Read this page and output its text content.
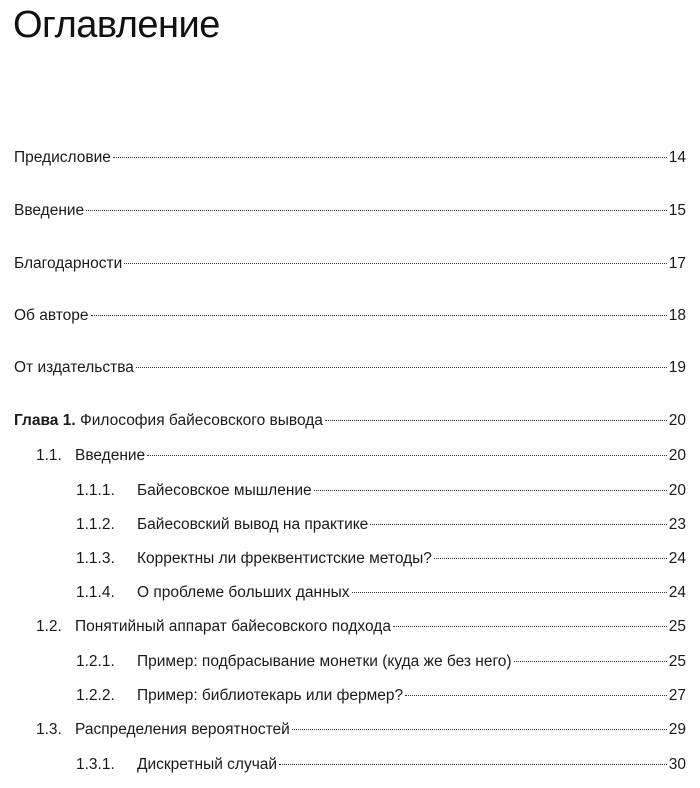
Оглавление
Предисловие	14
Введение	15
Благодарности	17
Об авторе	18
От издательства	19
Глава 1. Философия байесовского вывода	20
1.1. Введение	20
1.1.1.	Байесовское мышление	20
1.1.2.	Байесовский вывод на практике	23
1.1.3.	Корректны ли фреквентистские методы?	24
1.1.4.	О проблеме больших данных	24
1.2. Понятийный аппарат байесовского подхода	25
1.2.1.	Пример: подбрасывание монетки (куда же без него)	25
1.2.2.	Пример: библиотекарь или фермер?	27
1.3. Распределения вероятностей	29
1.3.1.	Дискретный случай	30
